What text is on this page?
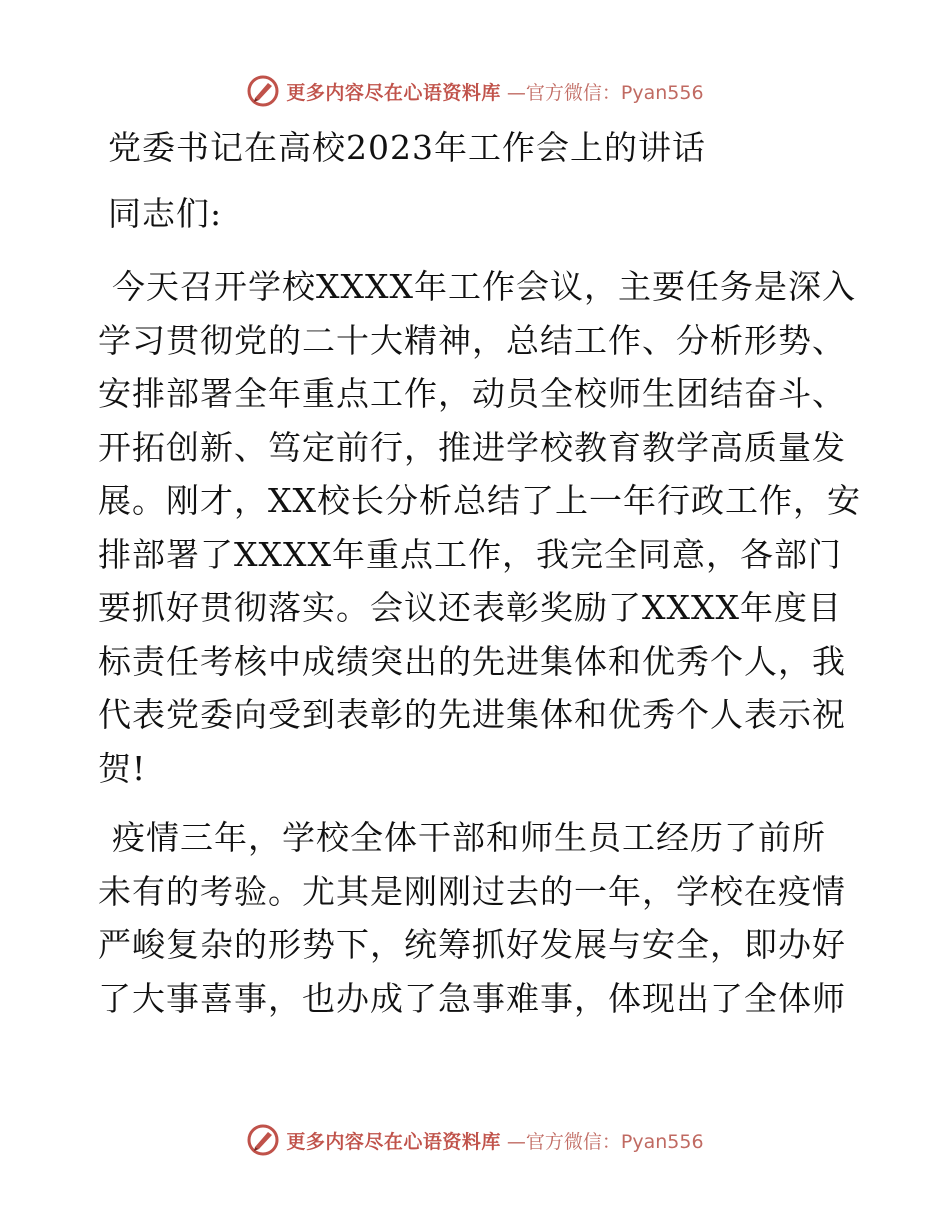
更多内容尽在心语资料库 —官方微信：Pyan556
党委书记在高校2023年工作会上的讲话
同志们:
今天召开学校XXXX年工作会议，主要任务是深入
学习贯彻党的二十大精神，总结工作、分析形势、
安排部署全年重点工作，动员全校师生团结奋斗、
开拓创新、笃定前行，推进学校教育教学高质量发
展。刚才，XX校长分析总结了上一年行政工作，安
排部署了XXXX年重点工作，我完全同意，各部门
要抓好贯彻落实。会议还表彰奖励了XXXX年度目
标责任考核中成绩突出的先进集体和优秀个人，我
代表党委向受到表彰的先进集体和优秀个人表示祝
贺!
疫情三年，学校全体干部和师生员工经历了前所
未有的考验。尤其是刚刚过去的一年，学校在疫情
严峻复杂的形势下，统筹抓好发展与安全，即办好
了大事喜事，也办成了急事难事，体现出了全体师
更多内容尽在心语资料库 —官方微信：Pyan556
